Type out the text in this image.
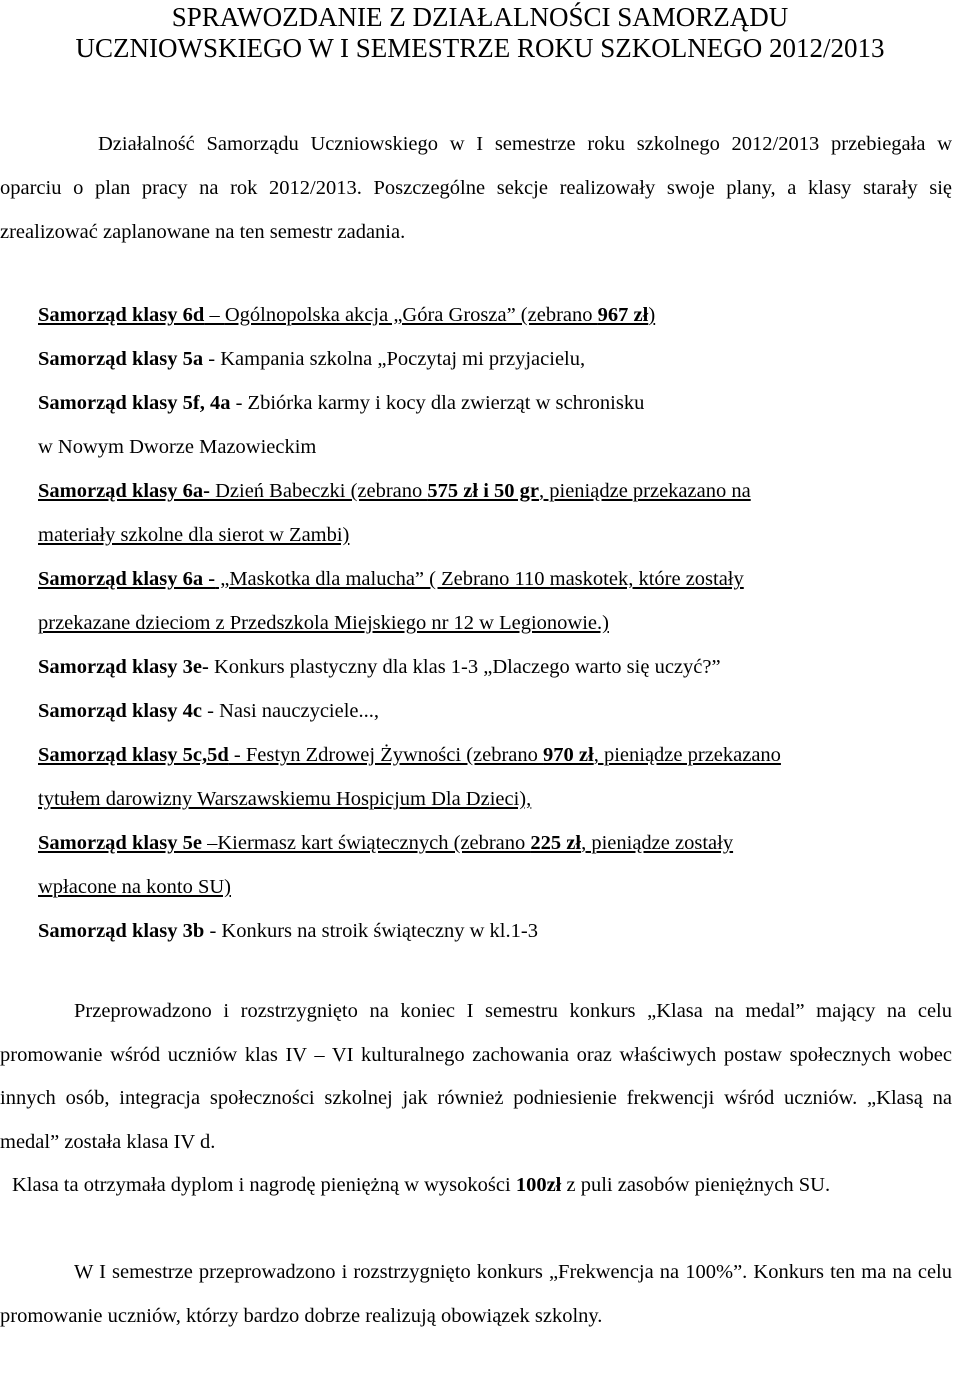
SPRAWOZDANIE Z DZIAŁALNOŚCI SAMORZĄDU
UCZNIOWSKIEGO W I SEMESTRZE ROKU SZKOLNEGO 2012/2013

Działalność Samorządu Uczniowskiego w I semestrze roku szkolnego 2012/2013 przebiegała w oparciu o plan pracy na rok 2012/2013. Poszczególne sekcje realizowały swoje plany, a klasy starały się zrealizować zaplanowane na ten semestr zadania.

Samorząd klasy 6d – Ogólnopolska akcja „Góra Grosza” (zebrano 967 zł)
Samorząd klasy 5a - Kampania szkolna „Poczytaj mi przyjacielu,
Samorząd klasy 5f, 4a - Zbiórka karmy i kocy dla zwierząt w schronisku
w Nowym Dworze Mazowieckim
Samorząd klasy 6a- Dzień Babeczki (zebrano 575 zł i 50 gr, pieniądze przekazano na
materiały szkolne dla sierot w Zambi)
Samorząd klasy 6a - „Maskotka dla malucha” ( Zebrano 110 maskotek, które zostały
przekazane dzieciom z Przedszkola Miejskiego nr 12 w Legionowie.)
Samorząd klasy 3e- Konkurs plastyczny dla klas 1-3 „Dlaczego warto się uczyć?”
Samorząd klasy 4c - Nasi nauczyciele...,
Samorząd klasy 5c,5d - Festyn Zdrowej Żywności (zebrano 970 zł, pieniądze przekazano
tytułem darowizny Warszawskiemu Hospicjum Dla Dzieci),
Samorząd klasy 5e –Kiermasz kart świątecznych (zebrano 225 zł, pieniądze zostały
wpłacone na konto SU)
Samorząd klasy 3b - Konkurs na stroik świąteczny w kl.1-3

Przeprowadzono i rozstrzygnięto na koniec I semestru konkurs „Klasa na medal” mający na celu promowanie wśród uczniów klas IV – VI kulturalnego zachowania oraz właściwych postaw społecznych wobec innych osób, integracja społeczności szkolnej jak również podniesienie frekwencji wśród uczniów. „Klasą na medal” została klasa IV d.

Klasa ta otrzymała dyplom i nagrodę pieniężną w wysokości 100zł z puli zasobów pieniężnych SU.

W I semestrze przeprowadzono i rozstrzygnięto konkurs „Frekwencja na 100%”. Konkurs ten ma na celu promowanie uczniów, którzy bardzo dobrze realizują obowiązek szkolny.
